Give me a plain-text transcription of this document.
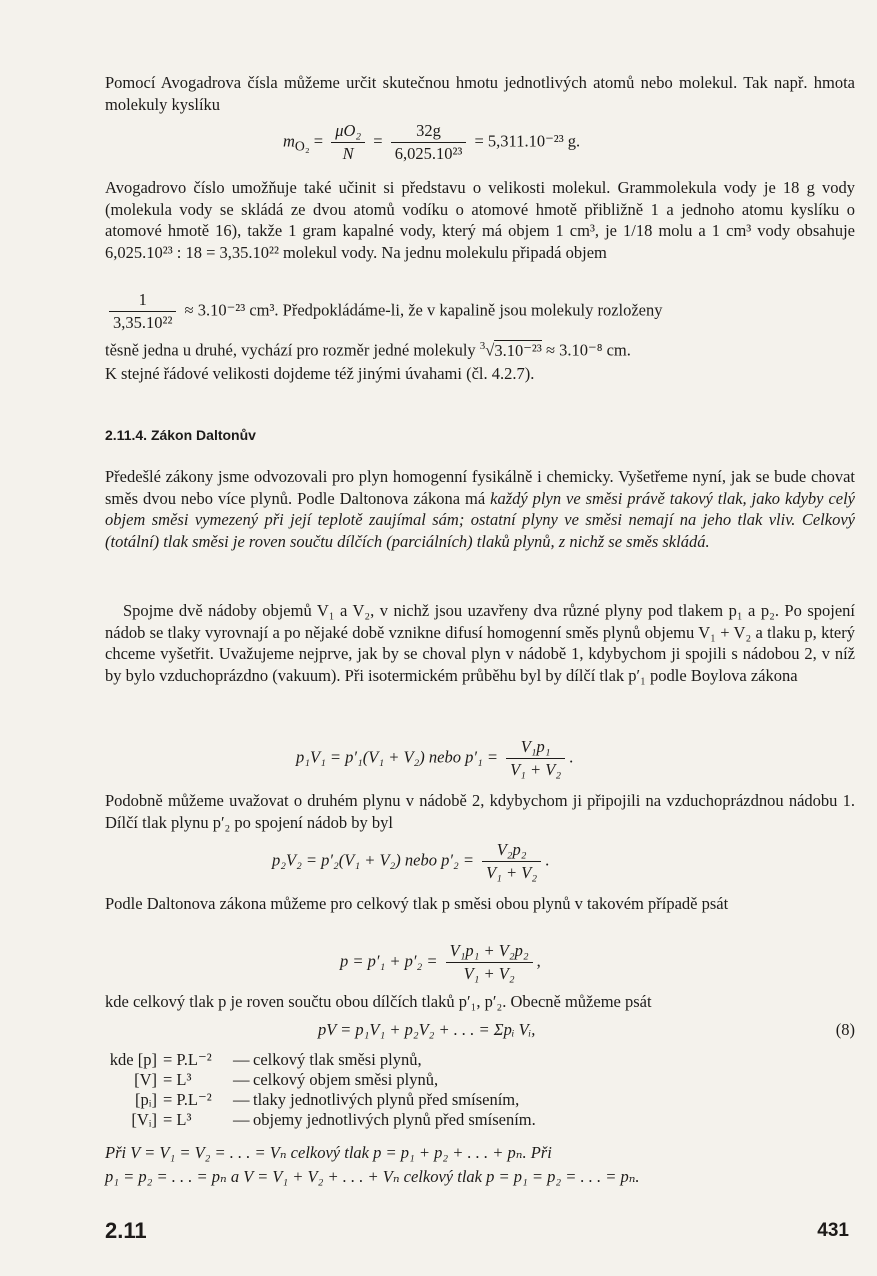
Pomocí Avogadrova čísla můžeme určit skutečnou hmotu jednotlivých atomů nebo molekul. Tak např. hmota molekuly kyslíku
$m_{O_2} = \frac{\text{μO₂}}{N} = \frac{32g}{\text{6,025.10²³}} = 5,311.10^{-23}$ g.
Avogadrovo číslo umožňuje také učinit si představu o velikosti molekul. Grammolekula vody je 18 g vody (molekula vody se skládá ze dvou atomů vodíku o atomové hmotě přibližně 1 a jednoho atomu kyslíku o atomové hmotě 16), takže 1 gram kapalné vody, který má objem 1 cm³, je 1/18 molu a 1 cm³ vody obsahuje 6,025.10²³ : 18 = 3,35.10²² molekul vody. Na jednu molekulu připadá objem
$\frac{1}{\text{3,35.10²²}} \approx 3.10^{-23}$ cm³. Předpokládáme-li, že v kapalině jsou molekuly rozloženy
těsně jedna u druhé, vychází pro rozměr jedné molekuly $^3$√3.10⁻²³ ≈ 3.10⁻⁸ cm.
K stejné řádové velikosti dojdeme též jinými úvahami (čl. 4.2.7).
2.11.4. Zákon Daltonův
Předešlé zákony jsme odvozovali pro plyn homogenní fysikálně i chemicky. Vyšetřeme nyní, jak se bude chovat směs dvou nebo více plynů. Podle Daltonova zákona má každý plyn ve směsi právě takový tlak, jako kdyby celý objem směsi vymezený při její teplotě zaujímal sám; ostatní plyny ve směsi nemají na jeho tlak vliv. Celkový (totální) tlak směsi je roven součtu dílčích (parciálních) tlaků plynů, z nichž se směs skládá.
Spojme dvě nádoby objemů V₁ a V₂, v nichž jsou uzavřeny dva různé plyny pod tlakem p₁ a p₂. Po spojení nádob se tlaky vyrovnají a po nějaké době vznikne difusí homogenní směs plynů objemu V₁ + V₂ a tlaku p, který chceme vyšetřit. Uvažujeme nejprve, jak by se choval plyn v nádobě 1, kdybychom ji spojili s nádobou 2, v níž by bylo vzduchoprázdno (vakuum). Při isotermickém průběhu byl by dílčí tlak p′₁ podle Boylova zákona
p₁V₁ = p′₁(V₁ + V₂) nebo $p'_1 = \frac{\text{V₁p₁}}{\text{V₁ + V₂}}$ .
Podobně můžeme uvažovat o druhém plynu v nádobě 2, kdybychom ji připojili na vzduchoprázdnou nádobu 1. Dílčí tlak plynu p′₂ po spojení nádob by byl
p₂V₂ = p′₂(V₁ + V₂) nebo $p'_2 = \frac{\text{V₂p₂}}{\text{V₁ + V₂}}$ .
Podle Daltonova zákona můžeme pro celkový tlak p směsi obou plynů v takovém případě psát
$p = p'_1 + p'_2 = \frac{\text{V₁p₁ + V₂p₂}}{\text{V₁ + V₂}}$ ,
kde celkový tlak p je roven součtu obou dílčích tlaků p′₁, p′₂. Obecně můžeme psát
pV = p₁V₁ + p₂V₂ + . . . = Σpᵢ Vᵢ,	(8)
kde [p] = P.L⁻² — celkový tlak směsi plynů,
[V] = L³	— celkový objem směsi plynů,
[pᵢ] = P.L⁻² — tlaky jednotlivých plynů před smísením,
[Vᵢ] = L³	— objemy jednotlivých plynů před smísením.
Při V = V₁ = V₂ = . . . = Vₙ celkový tlak p = p₁ + p₂ + . . . + pₙ. Při
p₁ = p₂ = . . . = pₙ a V = V₁ + V₂ + . . . + Vₙ celkový tlak p = p₁ = p₂ = . . . = pₙ.
2.11	431
